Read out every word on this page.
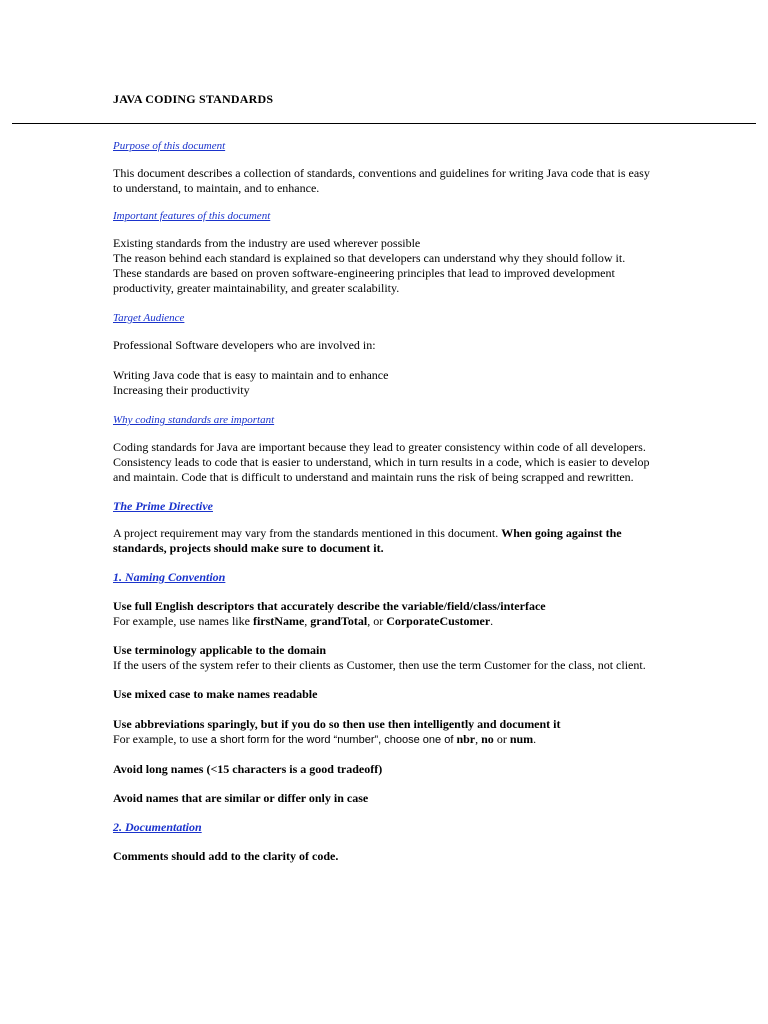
JAVA CODING STANDARDS

Purpose of this document

This document describes a collection of standards, conventions and guidelines for writing Java code that is easy to understand, to maintain, and to enhance.

Important features of this document

Existing standards from the industry are used wherever possible

The reason behind each standard is explained so that developers can understand why they should follow it.

These standards are based on proven software-engineering principles that lead to improved development productivity, greater maintainability, and greater scalability.

Target Audience

Professional Software developers who are involved in:

Writing Java code that is easy to maintain and to enhance

Increasing their productivity

Why coding standards are important

Coding standards for Java are important because they lead to greater consistency within code of all developers. Consistency leads to code that is easier to understand, which in turn results in a code, which is easier to develop and maintain. Code that is difficult to understand and maintain runs the risk of being scrapped and rewritten.

The Prime Directive

A project requirement may vary from the standards mentioned in this document. When going against the standards, projects should make sure to document it.

1. Naming Convention

Use full English descriptors that accurately describe the variable/field/class/interface

For example, use names like firstName, grandTotal, or CorporateCustomer.

Use terminology applicable to the domain

If the users of the system refer to their clients as Customer, then use the term Customer for the class, not client.

Use mixed case to make names readable

Use abbreviations sparingly, but if you do so then use then intelligently and document it

For example, to use a short form for the word “number”, choose one of nbr, no or num.

Avoid long names (<15 characters is a good tradeoff)

Avoid names that are similar or differ only in case

2. Documentation

Comments should add to the clarity of code.
